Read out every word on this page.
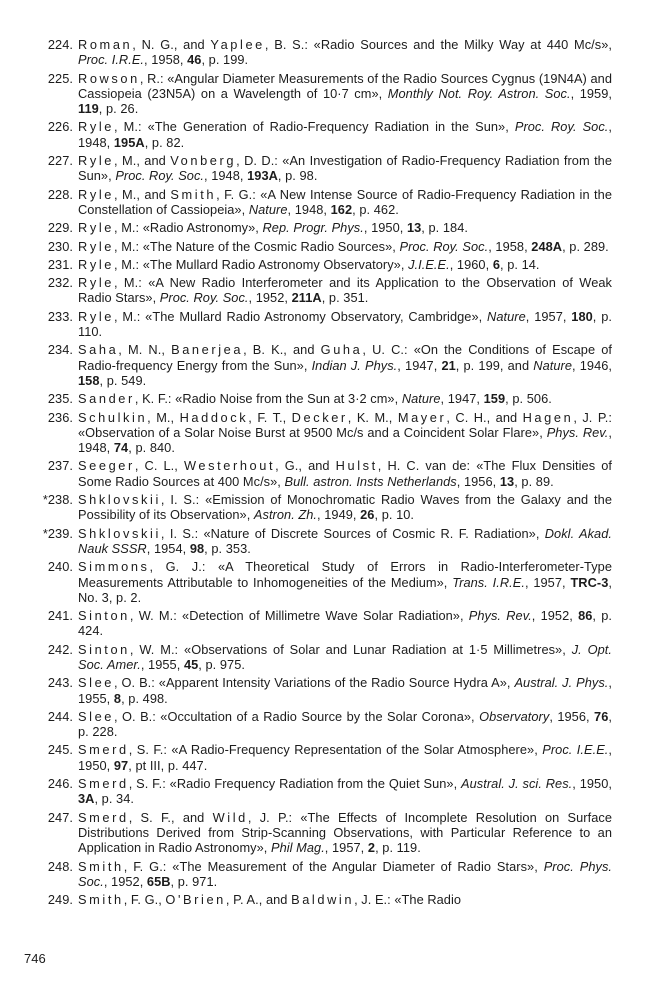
224. Roman, N. G., and Yaplee, B. S.: «Radio Sources and the Milky Way at 440 Mc/s», Proc. I.R.E., 1958, 46, p. 199.
225. Rowson, R.: «Angular Diameter Measurements of the Radio Sources Cygnus (19N4A) and Cassiopeia (23N5A) on a Wavelength of 10·7 cm», Monthly Not. Roy. Astron. Soc., 1959, 119, p. 26.
226. Ryle, M.: «The Generation of Radio-Frequency Radiation in the Sun», Proc. Roy. Soc., 1948, 195A, p. 82.
227. Ryle, M., and Vonberg, D. D.: «An Investigation of Radio-Frequency Radiation from the Sun», Proc. Roy. Soc., 1948, 193A, p. 98.
228. Ryle, M., and Smith, F. G.: «A New Intense Source of Radio-Frequency Radiation in the Constellation of Cassiopeia», Nature, 1948, 162, p. 462.
229. Ryle, M.: «Radio Astronomy», Rep. Progr. Phys., 1950, 13, p. 184.
230. Ryle, M.: «The Nature of the Cosmic Radio Sources», Proc. Roy. Soc., 1958, 248A, p. 289.
231. Ryle, M.: «The Mullard Radio Astronomy Observatory», J.I.E.E., 1960, 6, p. 14.
232. Ryle, M.: «A New Radio Interferometer and its Application to the Observation of Weak Radio Stars», Proc. Roy. Soc., 1952, 211A, p. 351.
233. Ryle, M.: «The Mullard Radio Astronomy Observatory, Cambridge», Nature, 1957, 180, p. 110.
234. Saha, M. N., Banerjea, B. K., and Guha, U. C.: «On the Conditions of Escape of Radio-frequency Energy from the Sun», Indian J. Phys., 1947, 21, p. 199, and Nature, 1946, 158, p. 549.
235. Sander, K. F.: «Radio Noise from the Sun at 3·2 cm», Nature, 1947, 159, p. 506.
236. Schulkin, M., Haddock, F. T., Decker, K. M., Mayer, C. H., and Hagen, J. P.: «Observation of a Solar Noise Burst at 9500 Mc/s and a Coincident Solar Flare», Phys. Rev., 1948, 74, p. 840.
237. Seeger, C. L., Westerhout, G., and Hulst, H. C. van de: «The Flux Densities of Some Radio Sources at 400 Mc/s», Bull. astron. Insts Netherlands, 1956, 13, p. 89.
*238. Shklovskii, I. S.: «Emission of Monochromatic Radio Waves from the Galaxy and the Possibility of its Observation», Astron. Zh., 1949, 26, p. 10.
*239. Shklovskii, I. S.: «Nature of Discrete Sources of Cosmic R. F. Radiation», Dokl. Akad. Nauk SSSR, 1954, 98, p. 353.
240. Simmons, G. J.: «A Theoretical Study of Errors in Radio-Interferometer-Type Measurements Attributable to Inhomogeneities of the Medium», Trans. I.R.E., 1957, TRC-3, No. 3, p. 2.
241. Sinton, W. M.: «Detection of Millimetre Wave Solar Radiation», Phys. Rev., 1952, 86, p. 424.
242. Sinton, W. M.: «Observations of Solar and Lunar Radiation at 1·5 Millimetres», J. Opt. Soc. Amer., 1955, 45, p. 975.
243. Slee, O. B.: «Apparent Intensity Variations of the Radio Source Hydra A», Austral. J. Phys., 1955, 8, p. 498.
244. Slee, O. B.: «Occultation of a Radio Source by the Solar Corona», Observatory, 1956, 76, p. 228.
245. Smerd, S. F.: «A Radio-Frequency Representation of the Solar Atmosphere», Proc. I.E.E., 1950, 97, pt III, p. 447.
246. Smerd, S. F.: «Radio Frequency Radiation from the Quiet Sun», Austral. J. sci. Res., 1950, 3A, p. 34.
247. Smerd, S. F., and Wild, J. P.: «The Effects of Incomplete Resolution on Surface Distributions Derived from Strip-Scanning Observations, with Particular Reference to an Application in Radio Astronomy», Phil Mag., 1957, 2, p. 119.
248. Smith, F. G.: «The Measurement of the Angular Diameter of Radio Stars», Proc. Phys. Soc., 1952, 65B, p. 971.
249. Smith, F. G., O'Brien, P. A., and Baldwin, J. E.: «The Radio
746
